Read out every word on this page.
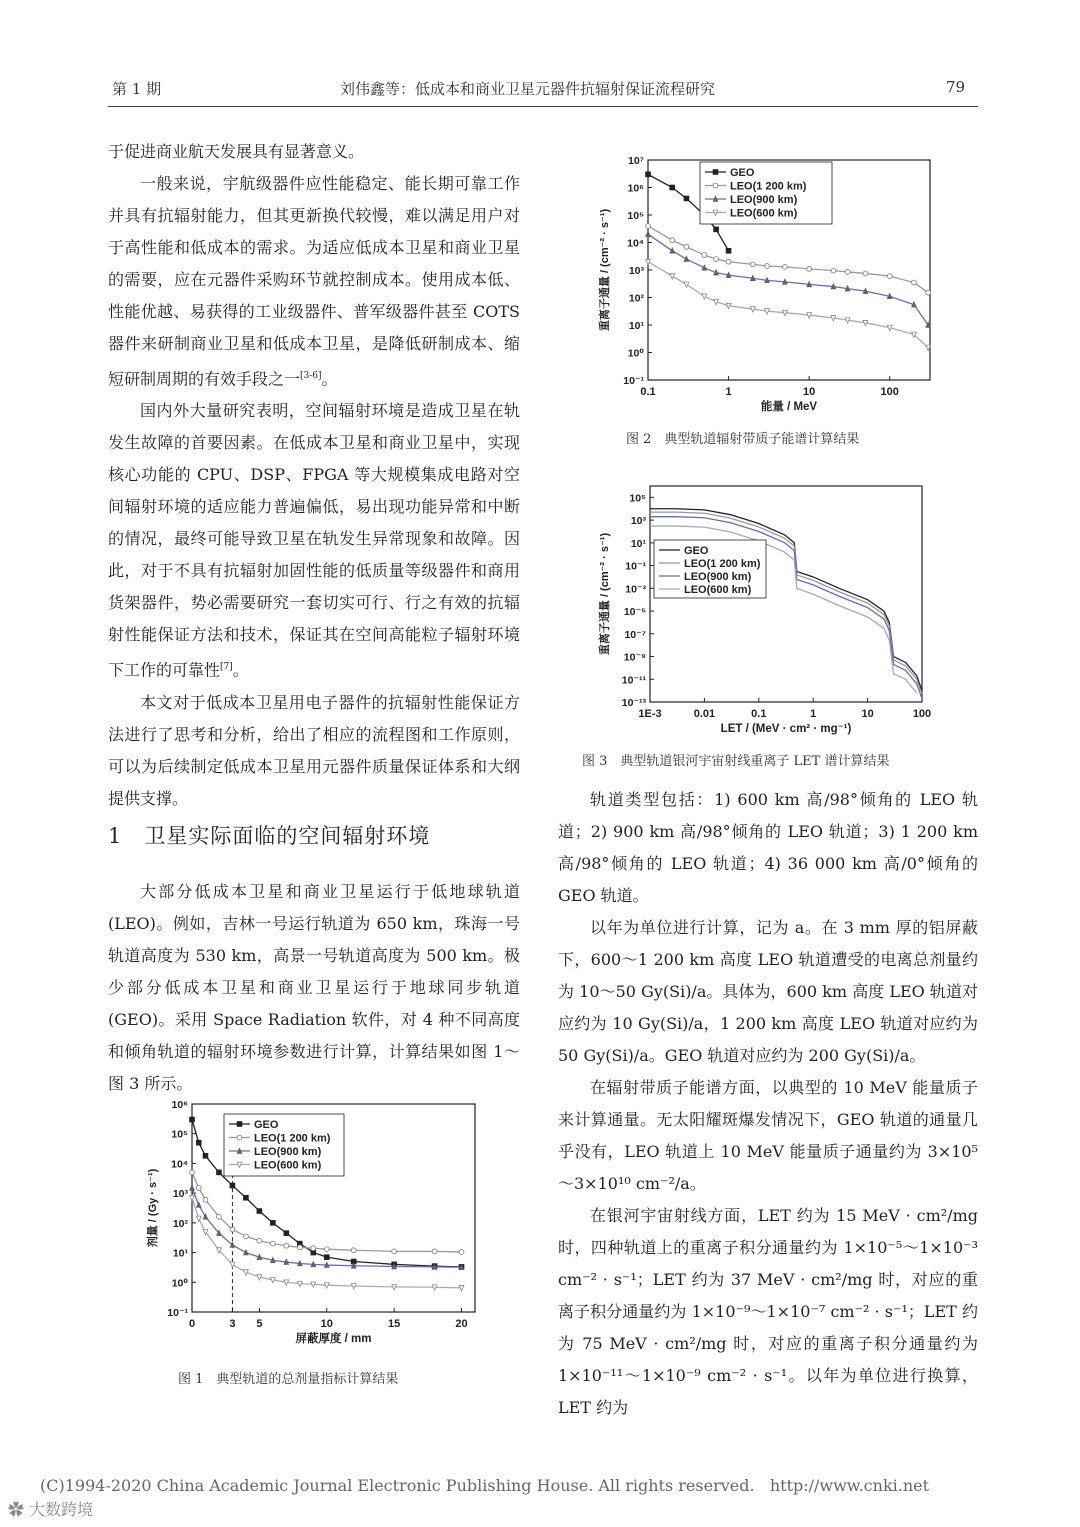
第 1 期	刘伟鑫等：低成本和商业卫星元器件抗辐射保证流程研究	79

于促进商业航天发展具有显著意义。

一般来说，宇航级器件应性能稳定、能长期可靠工作并具有抗辐射能力，但其更新换代较慢，难以满足用户对于高性能和低成本的需求。为适应低成本卫星和商业卫星的需要，应在元器件采购环节就控制成本。使用成本低、性能优越、易获得的工业级器件、普军级器件甚至 COTS 器件来研制商业卫星和低成本卫星，是降低研制成本、缩短研制周期的有效手段之一[3-6]。

国内外大量研究表明，空间辐射环境是造成卫星在轨发生故障的首要因素。在低成本卫星和商业卫星中，实现核心功能的 CPU、DSP、FPGA 等大规模集成电路对空间辐射环境的适应能力普遍偏低，易出现功能异常和中断的情况，最终可能导致卫星在轨发生异常现象和故障。因此，对于不具有抗辐射加固性能的低质量等级器件和商用货架器件，势必需要研究一套切实可行、行之有效的抗辐射性能保证方法和技术，保证其在空间高能粒子辐射环境下工作的可靠性[7]。

本文对于低成本卫星用电子器件的抗辐射性能保证方法进行了思考和分析，给出了相应的流程图和工作原则，可以为后续制定低成本卫星用元器件质量保证体系和大纲提供支撑。

1　卫星实际面临的空间辐射环境

大部分低成本卫星和商业卫星运行于低地球轨道(LEO)。例如，吉林一号运行轨道为 650 km，珠海一号轨道高度为 530 km，高景一号轨道高度为 500 km。极少部分低成本卫星和商业卫星运行于地球同步轨道(GEO)。采用 Space Radiation 软件，对 4 种不同高度和倾角轨道的辐射环境参数进行计算，计算结果如图 1～图 3 所示。

10⁻¹
10⁰
10¹
10²
10³
10⁴
10⁵
10⁶
0	3 5	10	15	20
屏蔽厚度 / mm
剂量 / (Gy · s⁻¹)
GEO
LEO(1 200 km)
LEO(900 km)
LEO(600 km)
图 1　典型轨道的总剂量指标计算结果
10⁻¹
10⁰
10¹
10²
10³
10⁴
10⁵
10⁶
10⁷
0.1	1	10	100
能量 / MeV
重离子通量 / (cm⁻² · s⁻¹)
GEO
LEO(1 200 km)
LEO(900 km)
LEO(600 km)
图 2　典型轨道辐射带质子能谱计算结果
10⁵
10³
10¹
10⁻¹
10⁻³
10⁻⁵
10⁻⁷
10⁻⁹
10⁻¹¹
10⁻¹³
1E-3	0.01	0.1	1	10	100
LET / (MeV · cm² · mg⁻¹)
重离子通量 / (cm⁻² · s⁻¹)	GEO
LEO(1 200 km)
LEO(900 km)
LEO(600 km)
图 3　典型轨道银河宇宙射线重离子 LET 谱计算结果

轨道类型包括：1) 600 km 高/98°倾角的 LEO 轨道；2) 900 km 高/98°倾角的 LEO 轨道；3) 1 200 km 高/98°倾角的 LEO 轨道；4) 36 000 km 高/0°倾角的 GEO 轨道。

以年为单位进行计算，记为 a。在 3 mm 厚的铝屏蔽下，600～1 200 km 高度 LEO 轨道遭受的电离总剂量约为 10～50 Gy(Si)/a。具体为，600 km 高度 LEO 轨道对应约为 10 Gy(Si)/a，1 200 km 高度 LEO 轨道对应约为 50 Gy(Si)/a。GEO 轨道对应约为 200 Gy(Si)/a。

在辐射带质子能谱方面，以典型的 10 MeV 能量质子来计算通量。无太阳耀斑爆发情况下，GEO 轨道的通量几乎没有，LEO 轨道上 10 MeV 能量质子通量约为 3×10⁵～3×10¹⁰ cm⁻²/a。

在银河宇宙射线方面，LET 约为 15 MeV · cm²/mg 时，四种轨道上的重离子积分通量约为 1×10⁻⁵～1×10⁻³ cm⁻² · s⁻¹；LET 约为 37 MeV · cm²/mg 时，对应的重离子积分通量约为 1×10⁻⁹～1×10⁻⁷ cm⁻² · s⁻¹；LET 约为 75 MeV · cm²/mg 时，对应的重离子积分通量约为 1×10⁻¹¹～1×10⁻⁹ cm⁻² · s⁻¹。以年为单位进行换算，LET 约为

(C)1994-2020 China Academic Journal Electronic Publishing House. All rights reserved. http://www.cnki.net
✿ 大数跨境
